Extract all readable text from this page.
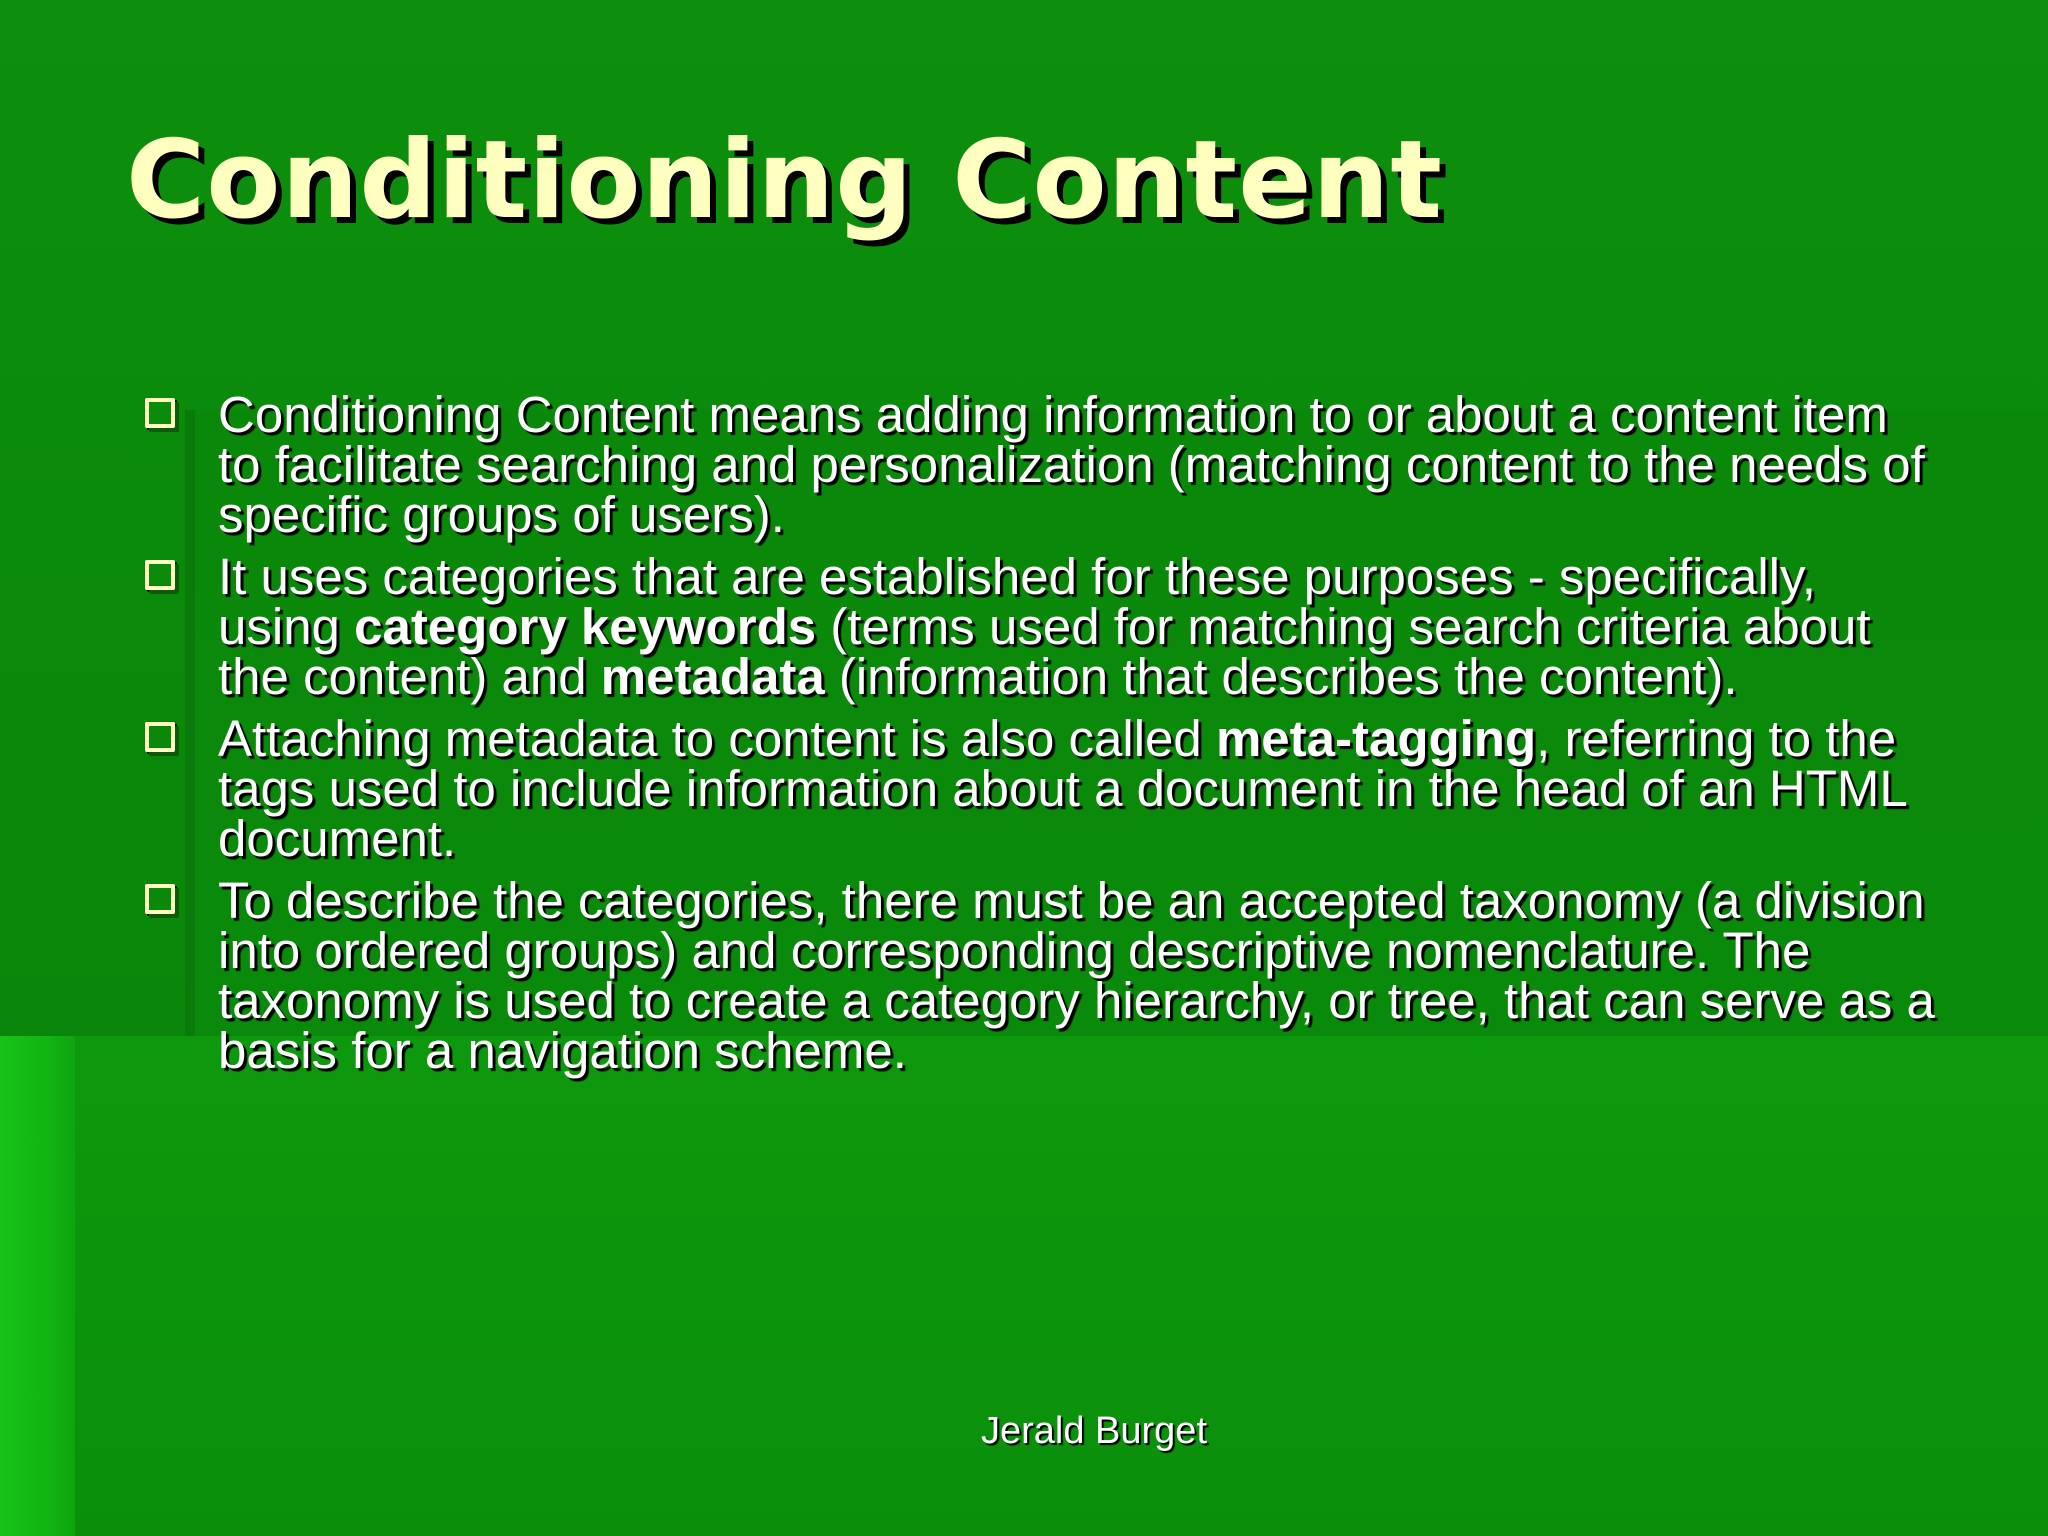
Conditioning Content
Conditioning Content means adding information to or about a content item to facilitate searching and personalization (matching content to the needs of specific groups of users).
It uses categories that are established for these purposes - specifically, using category keywords (terms used for matching search criteria about the content) and metadata (information that describes the content).
Attaching metadata to content is also called meta-tagging, referring to the tags used to include information about a document in the head of an HTML document.
To describe the categories, there must be an accepted taxonomy (a division into ordered groups) and corresponding descriptive nomenclature. The taxonomy is used to create a category hierarchy, or tree, that can serve as a basis for a navigation scheme.
Jerald Burget
